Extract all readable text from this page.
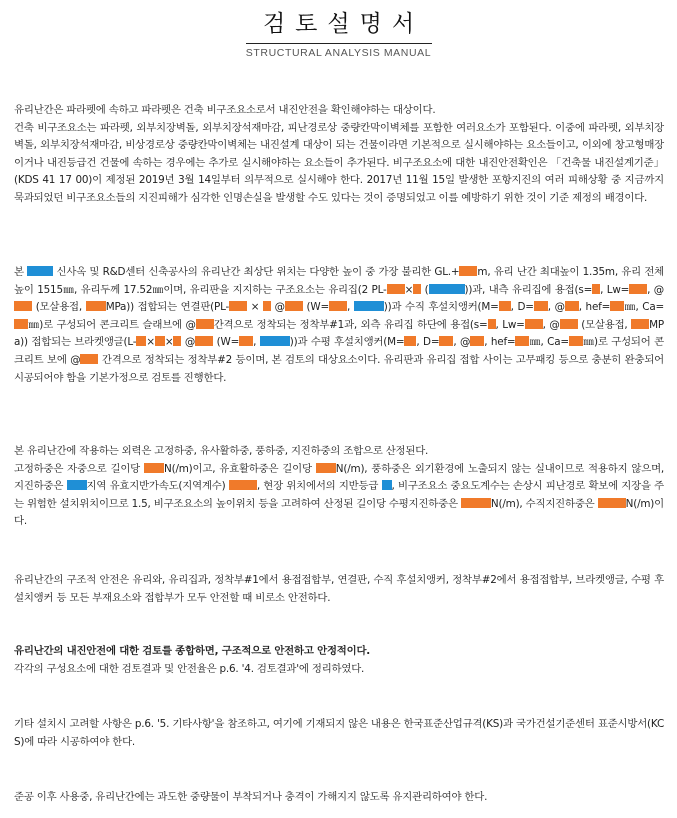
검토설명서
STRUCTURAL ANALYSIS MANUAL
유리난간은 파라펫에 속하고 파라펫은 건축 비구조요소로서 내진안전을 확인해야하는 대상이다.
건축 비구조요소는 파라펫, 외부치장벽돌, 외부치장석재마감, 피난경로상 중량칸막이벽체를 포함한 여러요소가 포함된다. 이중에 파라펫, 외부치장벽돌, 외부치장석재마감, 비상경로상 중량칸막이벽체는 내진설계 대상이 되는 건물이라면 기본적으로 실시해야하는 요소들이고, 이외에 창고형매장이거나 내진등급건 건물에 속하는 경우에는 추가로 실시해야하는 요소들이 추가된다. 비구조요소에 대한 내진안전확인은 「건축물 내진설계기준」(KDS 41 17 00)이 제정된 2019년 3월 14일부터 의무적으로 실시해야 한다. 2017년 11월 15일 발생한 포항지진의 여러 피해상황 중 지금까지 묵과되었던 비구조요소들의 지진피해가 심각한 인명손실을 발생할 수도 있다는 것이 증명되었고 이를 예방하기 위한 것이 기준 제정의 배경이다.
본	신사옥 및 R&D센터 신축공사의 유리난간 최상단 위치는 다양한 높이 중 가장 불리한 GL.+ m, 유리 난간 최대높이 1.35m, 유리 전체높이 1515㎜, 유리두께 17.52㎜이며, 유리판을 지지하는 구조요소는 유리집(2 PL- × (	))과, 내측 유리집에 용접(s= , Lw= , @ (모살용접, MPa)) 접합되는 연결판(PL- ×  @ (W= ,	))과 수직 후설치앵커(M= , D= , @ , hef= ㎜, Ca=㎜)로 구성되어 콘크리트 슬래브에 @ 간격으로 정착되는 정착부#1과, 외측 유리집 하단에 용접(s= , Lw= , @ (모살용접, MPa)) 접합되는 브라켓앵글(L- × × @ (W= ,	))과 수평 후설치앵커(M= , D= , @ , hef= ㎜, Ca= ㎜)로 구성되어 콘크리트 보에 @ 간격으로 정착되는 정착부#2 등이며, 본 검토의 대상요소이다. 유리판과 유리집 접합 사이는 고무패킹 등으로 충분히 완충되어 시공되어야 함을 기본가정으로 검토를 진행한다.
본 유리난간에 작용하는 외력은 고정하중, 유사활하중, 풍하중, 지진하중의 조합으로 산정된다.
고정하중은 자중으로 길이당 N(/m)이고, 유효활하중은 길이당 N(/m), 풍하중은 외기환경에 노출되지 않는 실내이므로 적용하지 않으며, 지진하중은 지역 유효지반가속도(지역계수)	, 현장 위치에서의 지반등급 , 비구조요소 중요도계수는 손상시 피난경로 확보에 지장을 주는 위험한 설치위치이므로 1.5, 비구조요소의 높이위치 등을 고려하여 산정된 길이당 수평지진하중은	N(/m), 수직지진하중은	N(/m)이다.
유리난간의 구조적 안전은 유리와, 유리집과, 정착부#1에서 용접접합부, 연결판, 수직 후설치앵커, 정착부#2에서 용접접합부, 브라켓앵글, 수평 후설치앵커 등 모든 부재요소와 접합부가 모두 안전할 때 비로소 안전하다.
유리난간의 내진안전에 대한 검토를 종합하면, 구조적으로 안전하고 안정적이다.
각각의 구성요소에 대한 검토결과 및 안전율은 p.6. '4. 검토결과'에 정리하였다.
기타 설치시 고려할 사항은 p.6. '5. 기타사항'을 참조하고, 여기에 기재되지 않은 내용은 한국표준산업규격(KS)과 국가건설기준센터 표준시방서(KCS)에 따라 시공하여야 한다.
준공 이후 사용중, 유리난간에는 과도한 중량물이 부착되거나 충격이 가해지지 않도록 유지관리하여야 한다.
